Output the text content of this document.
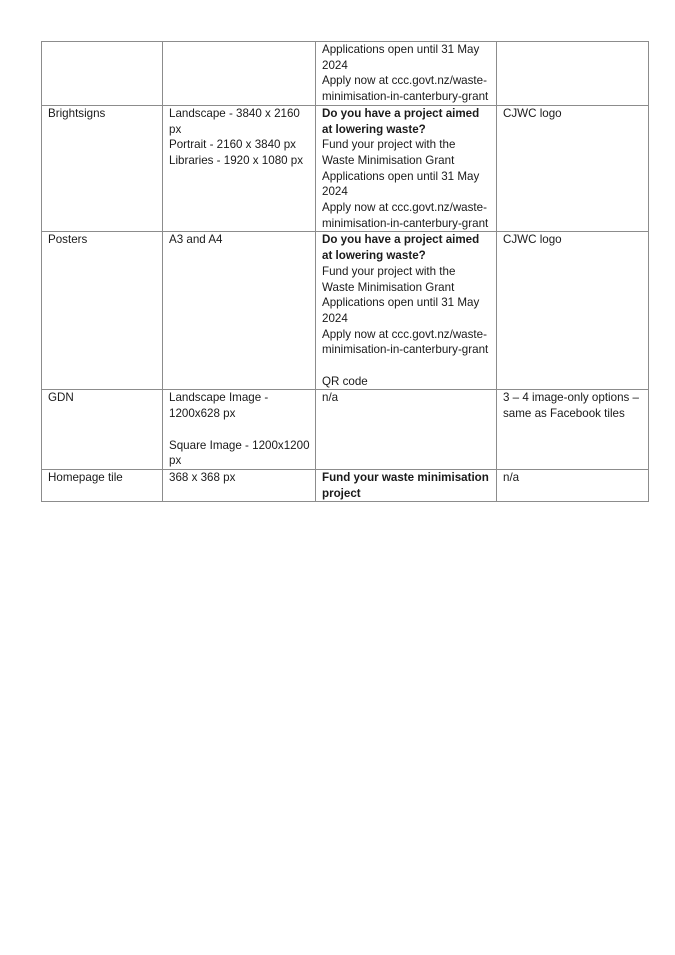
		Applications open until 31 May 2024
Apply now at ccc.govt.nz/waste-minimisation-in-canterbury-grant	

Brightsigns	Landscape - 3840 x 2160 px
Portrait - 2160 x 3840 px
Libraries - 1920 x 1080 px	Do you have a project aimed at lowering waste?
Fund your project with the Waste Minimisation Grant
Applications open until 31 May 2024
Apply now at ccc.govt.nz/waste-minimisation-in-canterbury-grant	CJWC logo

Posters	A3 and A4	Do you have a project aimed at lowering waste?
Fund your project with the Waste Minimisation Grant
Applications open until 31 May 2024
Apply now at ccc.govt.nz/waste-minimisation-in-canterbury-grant
QR code	CJWC logo

GDN	Landscape Image - 1200x628 px
Square Image - 1200x1200 px	n/a	3 – 4 image-only options – same as Facebook tiles

Homepage tile	368 x 368 px	Fund your waste minimisation project	n/a
